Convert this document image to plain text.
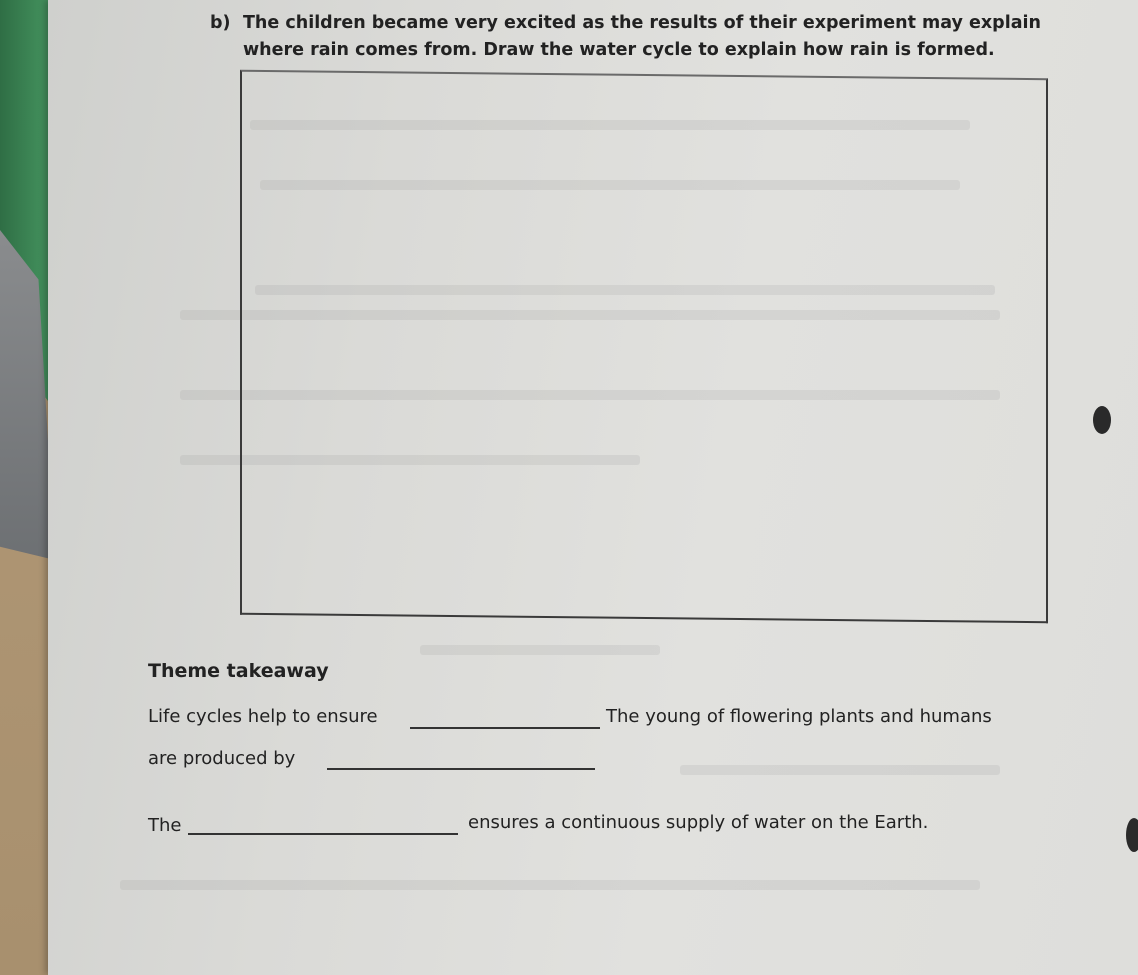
b) The children became very excited as the results of their experiment may explain
where rain comes from. Draw the water cycle to explain how rain is formed.
Theme takeaway
Life cycles help to ensure	The young of flowering plants and humans
are produced by
The	ensures a continuous supply of water on the Earth.
